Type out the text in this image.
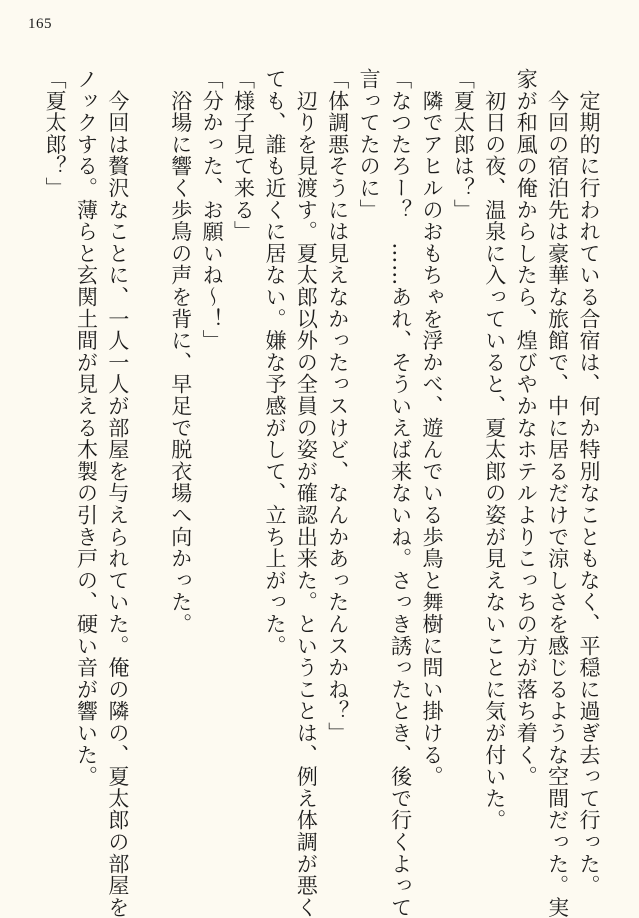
165
　定期的に行われている合宿は、何か特別なこともなく、平穏に過ぎ去って行った。
　今回の宿泊先は豪華な旅館で、中に居るだけで涼しさを感じるような空間だった。実
家が和風の俺からしたら、煌びやかなホテルよりこっちの方が落ち着く。
　初日の夜、温泉に入っていると、夏太郎の姿が見えないことに気が付いた。
「夏太郎は？」
　隣でアヒルのおもちゃを浮かべ、遊んでいる歩鳥と舞樹に問い掛ける。
「なつたろー？　……あれ、そういえば来ないね。さっき誘ったとき、後で行くよって
言ってたのに」
「体調悪そうには見えなかったっスけど、なんかあったんスかね？」
　辺りを見渡す。夏太郎以外の全員の姿が確認出来た。ということは、例え体調が悪く
ても、誰も近くに居ない。嫌な予感がして、立ち上がった。
「様子見て来る」
「分かった、お願いね〜！」
　浴場に響く歩鳥の声を背に、早足で脱衣場へ向かった。

　今回は贅沢なことに、一人一人が部屋を与えられていた。俺の隣の、夏太郎の部屋を
ノックする。薄らと玄関土間が見える木製の引き戸の、硬い音が響いた。
「夏太郎？」
